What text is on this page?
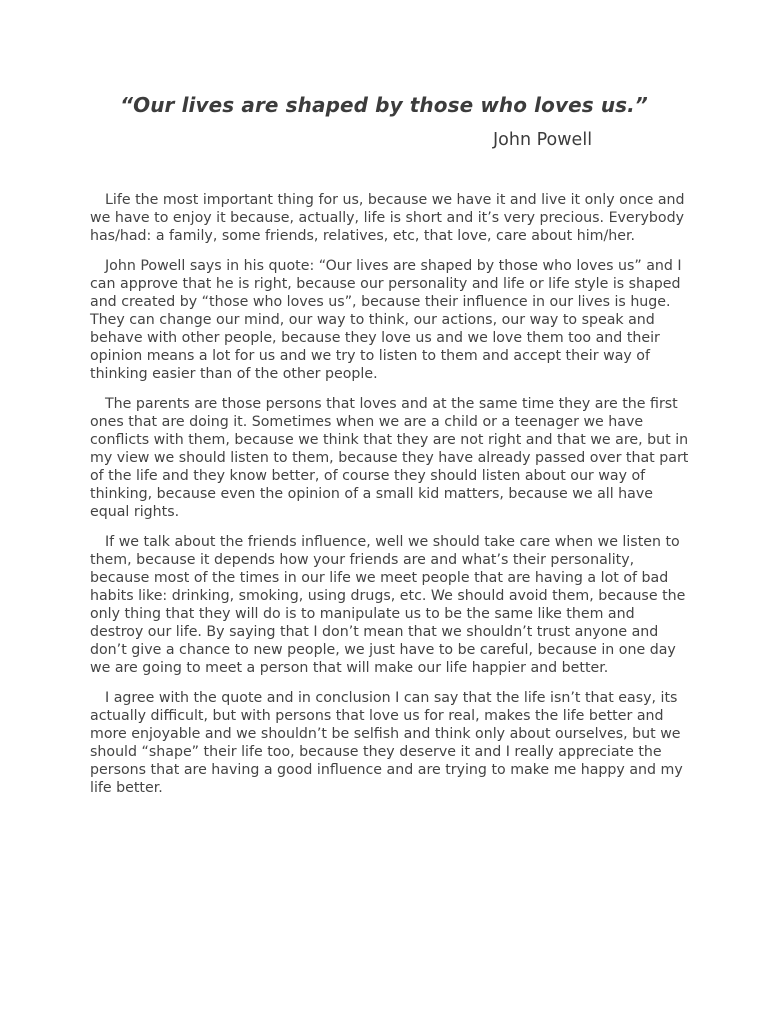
“Our lives are shaped by those who loves us.”
John Powell

Life the most important thing for us, because we have it and live it only once and we have to enjoy it because, actually, life is short and it’s very precious. Everybody has/had: a family, some friends, relatives, etc, that love, care about him/her.

John Powell says in his quote: “Our lives are shaped by those who loves us” and I can approve that he is right, because our personality and life or life style is shaped and created by “those who loves us”, because their influence in our lives is huge. They can change our mind, our way to think, our actions, our way to speak and behave with other people, because they love us and we love them too and their opinion means a lot for us and we try to listen to them and accept their way of thinking easier than of the other people.

The parents are those persons that loves and at the same time they are the first ones that are doing it. Sometimes when we are a child or a teenager we have conflicts with them, because we think that they are not right and that we are, but in my view we should listen to them, because they have already passed over that part of the life and they know better, of course they should listen about our way of thinking, because even the opinion of a small kid matters, because we all have equal rights.

If we talk about the friends influence, well we should take care when we listen to them, because it depends how your friends are and what’s their personality, because most of the times in our life we meet people that are having a lot of bad habits like: drinking, smoking, using drugs, etc. We should avoid them, because the only thing that they will do is to manipulate us to be the same like them and destroy our life. By saying that I don’t mean that we shouldn’t trust anyone and don’t give a chance to new people, we just have to be careful, because in one day we are going to meet a person that will make our life happier and better.

I agree with the quote and in conclusion I can say that the life isn’t that easy, its actually difficult, but with persons that love us for real, makes the life better and more enjoyable and we shouldn’t be selfish and think only about ourselves, but we should “shape” their life too, because they deserve it and I really appreciate the persons that are having a good influence and are trying to make me happy and my life better.
